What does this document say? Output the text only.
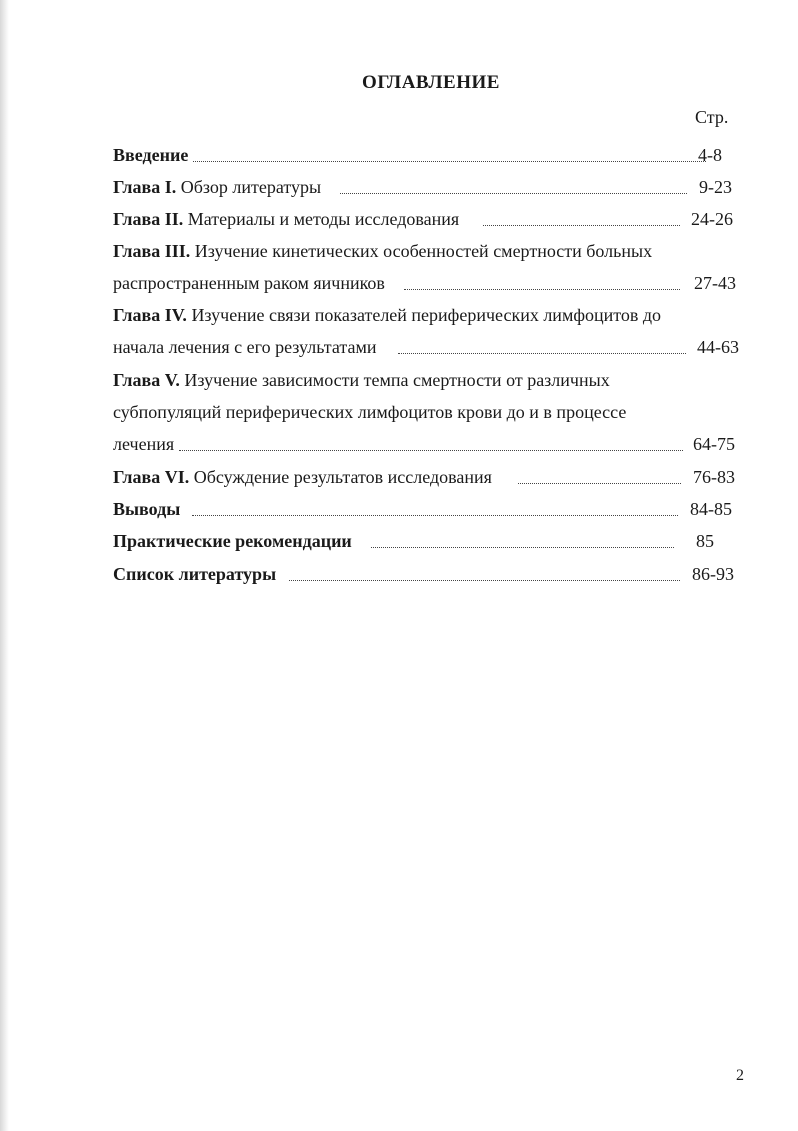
ОГЛАВЛЕНИЕ
Стр.
Введение	4-8
Глава I. Обзор литературы	9-23
Глава II. Материалы и методы исследования	24-26
Глава III. Изучение кинетических особенностей смертности больных
распространенным раком яичников	27-43
Глава IV. Изучение связи показателей периферических лимфоцитов до
начала лечения с его результатами	44-63
Глава V. Изучение зависимости темпа смертности от различных
субпопуляций периферических лимфоцитов крови до и в процессе
лечения	64-75
Глава VI. Обсуждение результатов исследования	76-83
Выводы	84-85
Практические рекомендации	85
Список литературы	86-93
2
